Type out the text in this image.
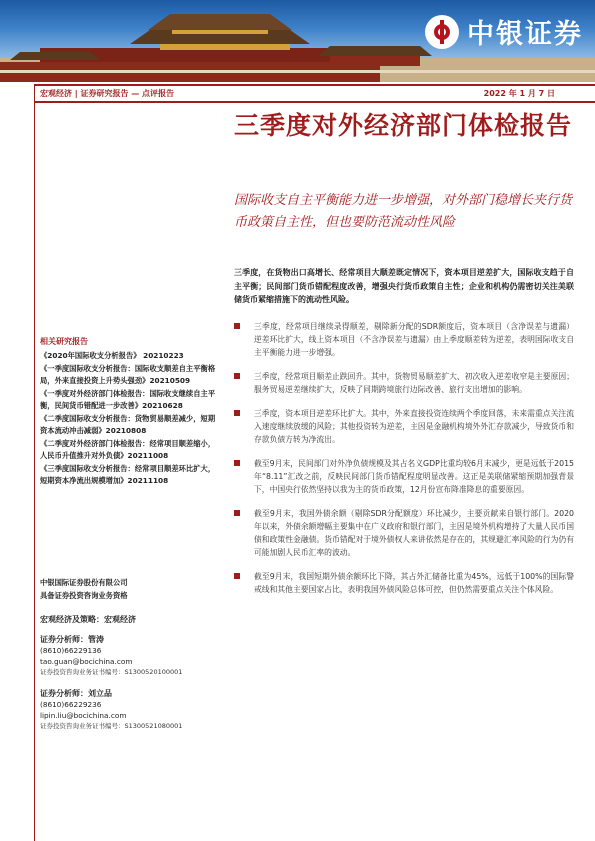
中银证券
宏观经济 | 证券研究报告 — 点评报告	2022 年 1 月 7 日
三季度对外经济部门体检报告
国际收支自主平衡能力进一步增强，对外部门稳增长夹行货币政策自主性，但也要防范流动性风险
三季度，在货物出口高增长、经常项目大顺差既定情况下，资本项目逆差扩大，国际收支趋于自主平衡；民间部门货币错配程度改善，增强央行货币政策自主性；企业和机构仍需密切关注美联储货币紧缩措施下的流动性风险。
三季度，经常项目继续录得顺差，剔除新分配的SDR额度后，资本项目（含净误差与遗漏）逆差环比扩大，线上资本项目（不含净误差与遗漏）由上季度顺差转为逆差，表明国际收支自主平衡能力进一步增强。
三季度，经常项目顺差止跌回升。其中，货物贸易顺差扩大、初次收入逆差收窄是主要原因；服务贸易逆差继续扩大，反映了同期跨境旅行边际改善、旅行支出增加的影响。
三季度，资本项目逆差环比扩大。其中，外来直接投资连续两个季度回落，未来需重点关注流入速度继续放缓的风险；其他投资转为逆差，主因是金融机构境外外汇存款减少，导致货币和存款负债方转为净流出。
截至9月末，民间部门对外净负债规模及其占名义GDP比重均较6月末减少，更是远低于2015年“8.11”汇改之前，反映民间部门货币错配程度明显改善。这正是美联储紧缩预期加强背景下，中国央行依然坚持以我为主的货币政策，12月份宣布降准降息的重要原因。
截至9月末，我国外债余额（剔除SDR分配额度）环比减少，主要贡献来自银行部门。2020年以来，外债余额增幅主要集中在广义政府和银行部门，主因是境外机构增持了大量人民币国债和政策性金融债。货币错配对于境外债权人来讲依然是存在的，其规避汇率风险的行为仍有可能加剧人民币汇率的波动。
截至9月末，我国短期外债余额环比下降，其占外汇储备比重为45%，远低于100%的国际警戒线和其他主要国家占比，表明我国外债风险总体可控，但仍然需要重点关注个体风险。
相关研究报告
《2020年国际收支分析报告》 20210223
《一季度国际收支分析报告：国际收支顺差自主平衡格局，外来直接投资上升势头强劲》20210509
《一季度对外经济部门体检报告：国际收支继续自主平衡，民间货币错配进一步改善》20210628
《二季度国际收支分析报告：货物贸易顺差减少，短期资本流动冲击减弱》20210808
《二季度对外经济部门体检报告：经常项目顺差缩小，人民币升值推升对外负债》20211008
《三季度国际收支分析报告：经常项目顺差环比扩大，短期资本净流出规模增加》20211108
中银国际证券股份有限公司
具备证券投资咨询业务资格
宏观经济及策略：宏观经济
证券分析师：管涛
(8610)66229136
tao.guan@bocichina.com
证券投资咨询业务证书编号：S1300520100001
证券分析师：刘立品
(8610)66229236
lipin.liu@bocichina.com
证券投资咨询业务证书编号：S1300521080001
